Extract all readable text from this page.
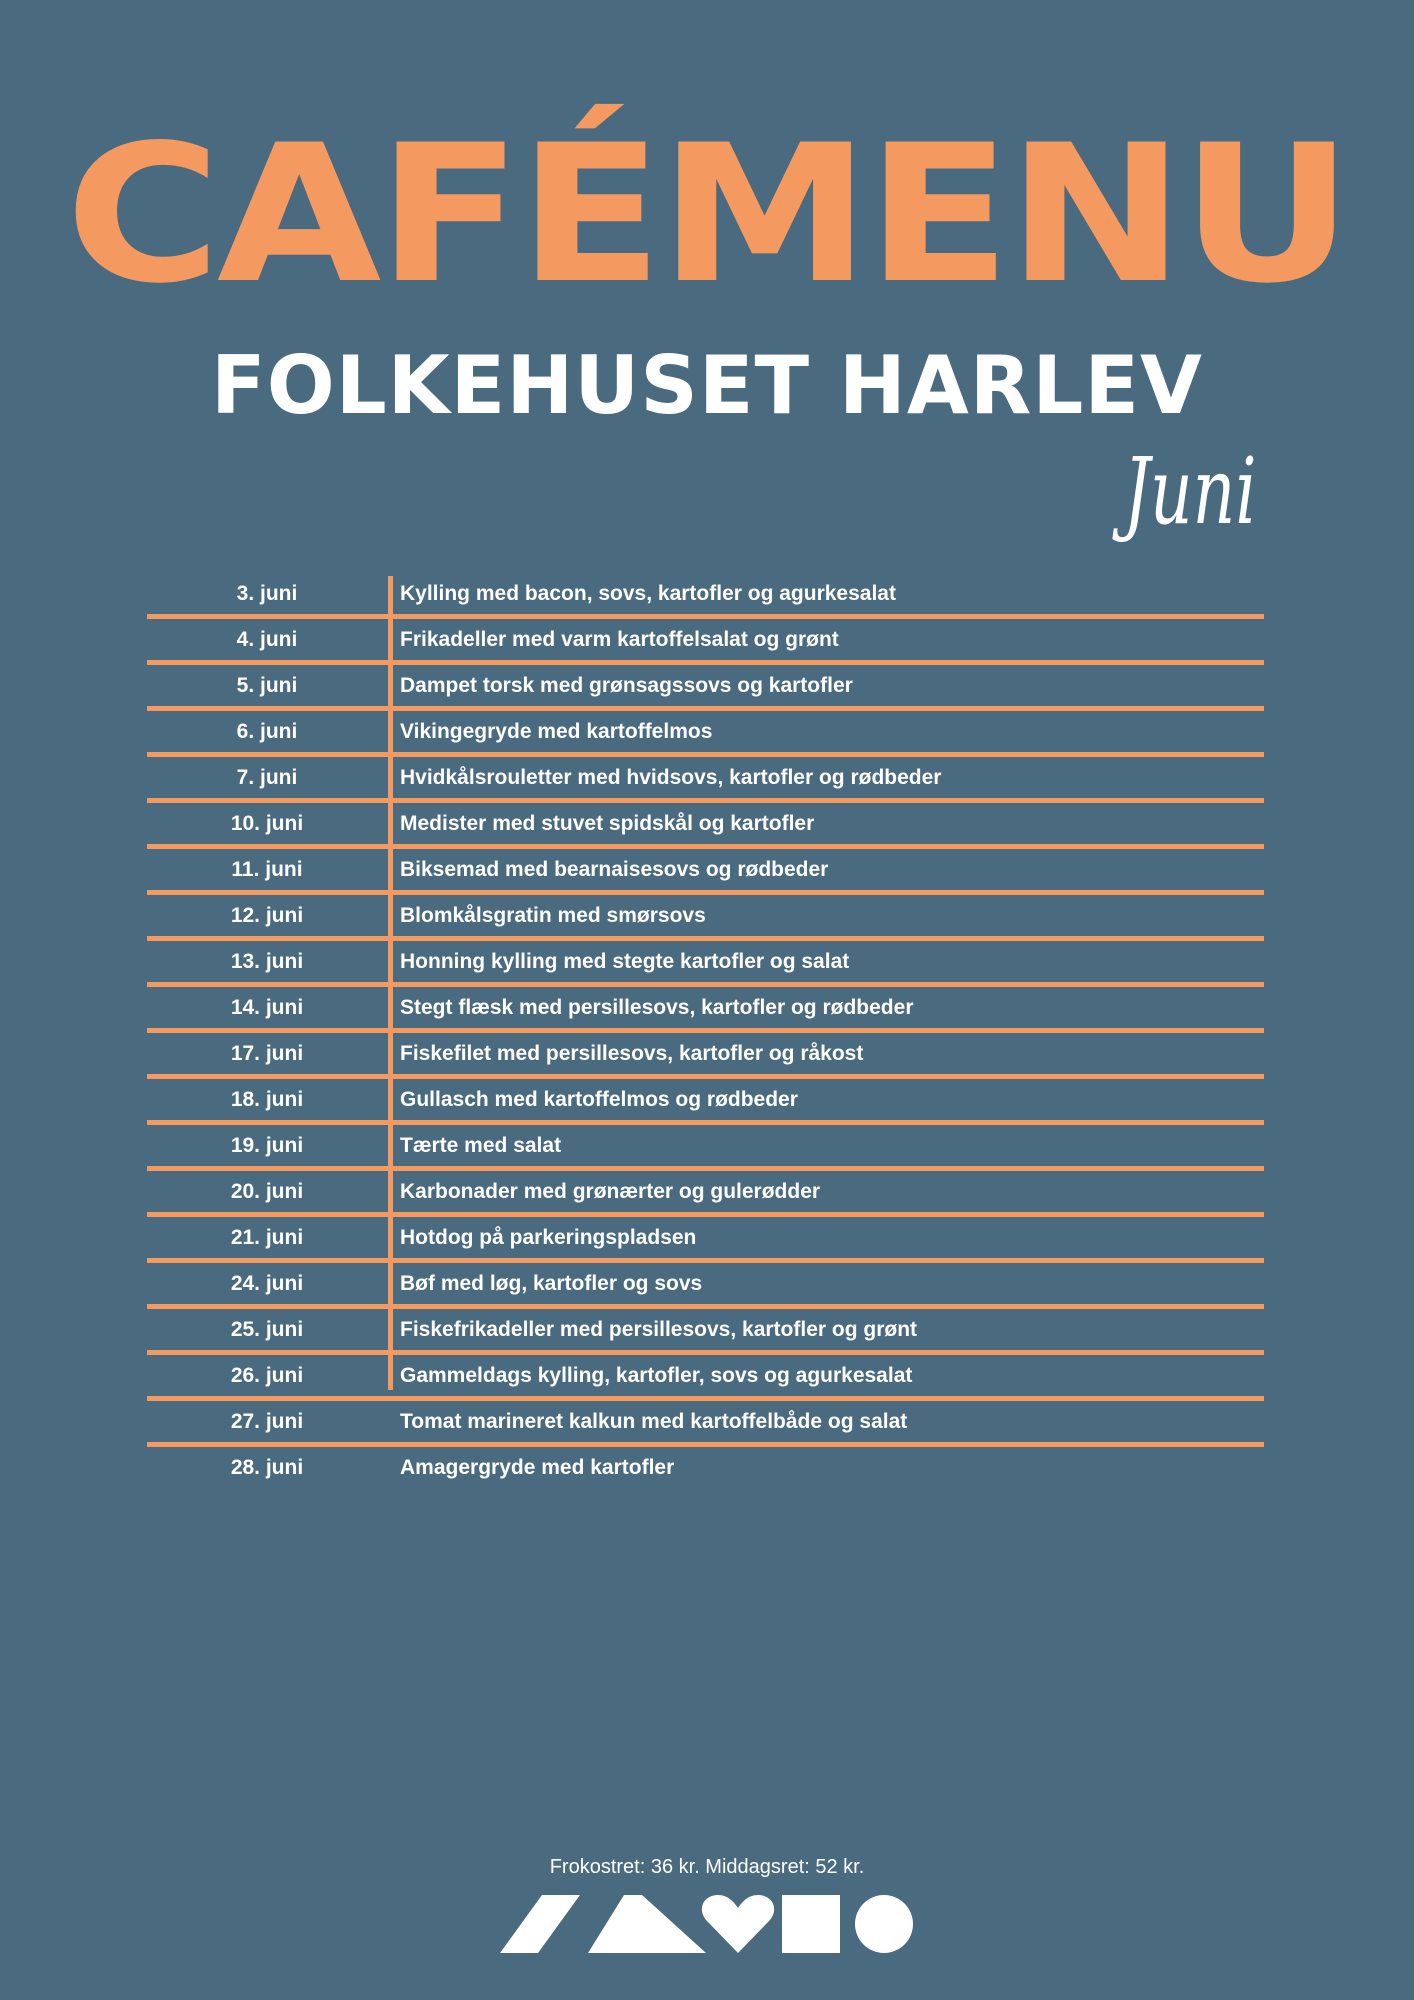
CAFÉMENU
FOLKEHUSET HARLEV
Juni
3. juni	Kylling med bacon, sovs, kartofler og agurkesalat
4. juni	Frikadeller med varm kartoffelsalat og grønt
5. juni	Dampet torsk med grønsagssovs og kartofler
6. juni	Vikingegryde med kartoffelmos
7. juni	Hvidkålsrouletter med hvidsovs, kartofler og rødbeder
10. juni	Medister med stuvet spidskål og kartofler
11. juni	Biksemad med bearnaisesovs og rødbeder
12. juni	Blomkålsgratin med smørsovs
13. juni	Honning kylling med stegte kartofler og salat
14. juni	Stegt flæsk med persillesovs, kartofler og rødbeder
17. juni	Fiskefilet med persillesovs, kartofler og råkost
18. juni	Gullasch med kartoffelmos og rødbeder
19. juni	Tærte med salat
20. juni	Karbonader med grønærter og gulerødder
21. juni	Hotdog på parkeringspladsen
24. juni	Bøf med løg, kartofler og sovs
25. juni	Fiskefrikadeller med persillesovs, kartofler og grønt
26. juni	Gammeldags kylling, kartofler, sovs og agurkesalat
27. juni	Tomat marineret kalkun med kartoffelbåde og salat
28. juni	Amagergryde med kartofler
Frokostret: 36 kr. Middagsret: 52 kr.
